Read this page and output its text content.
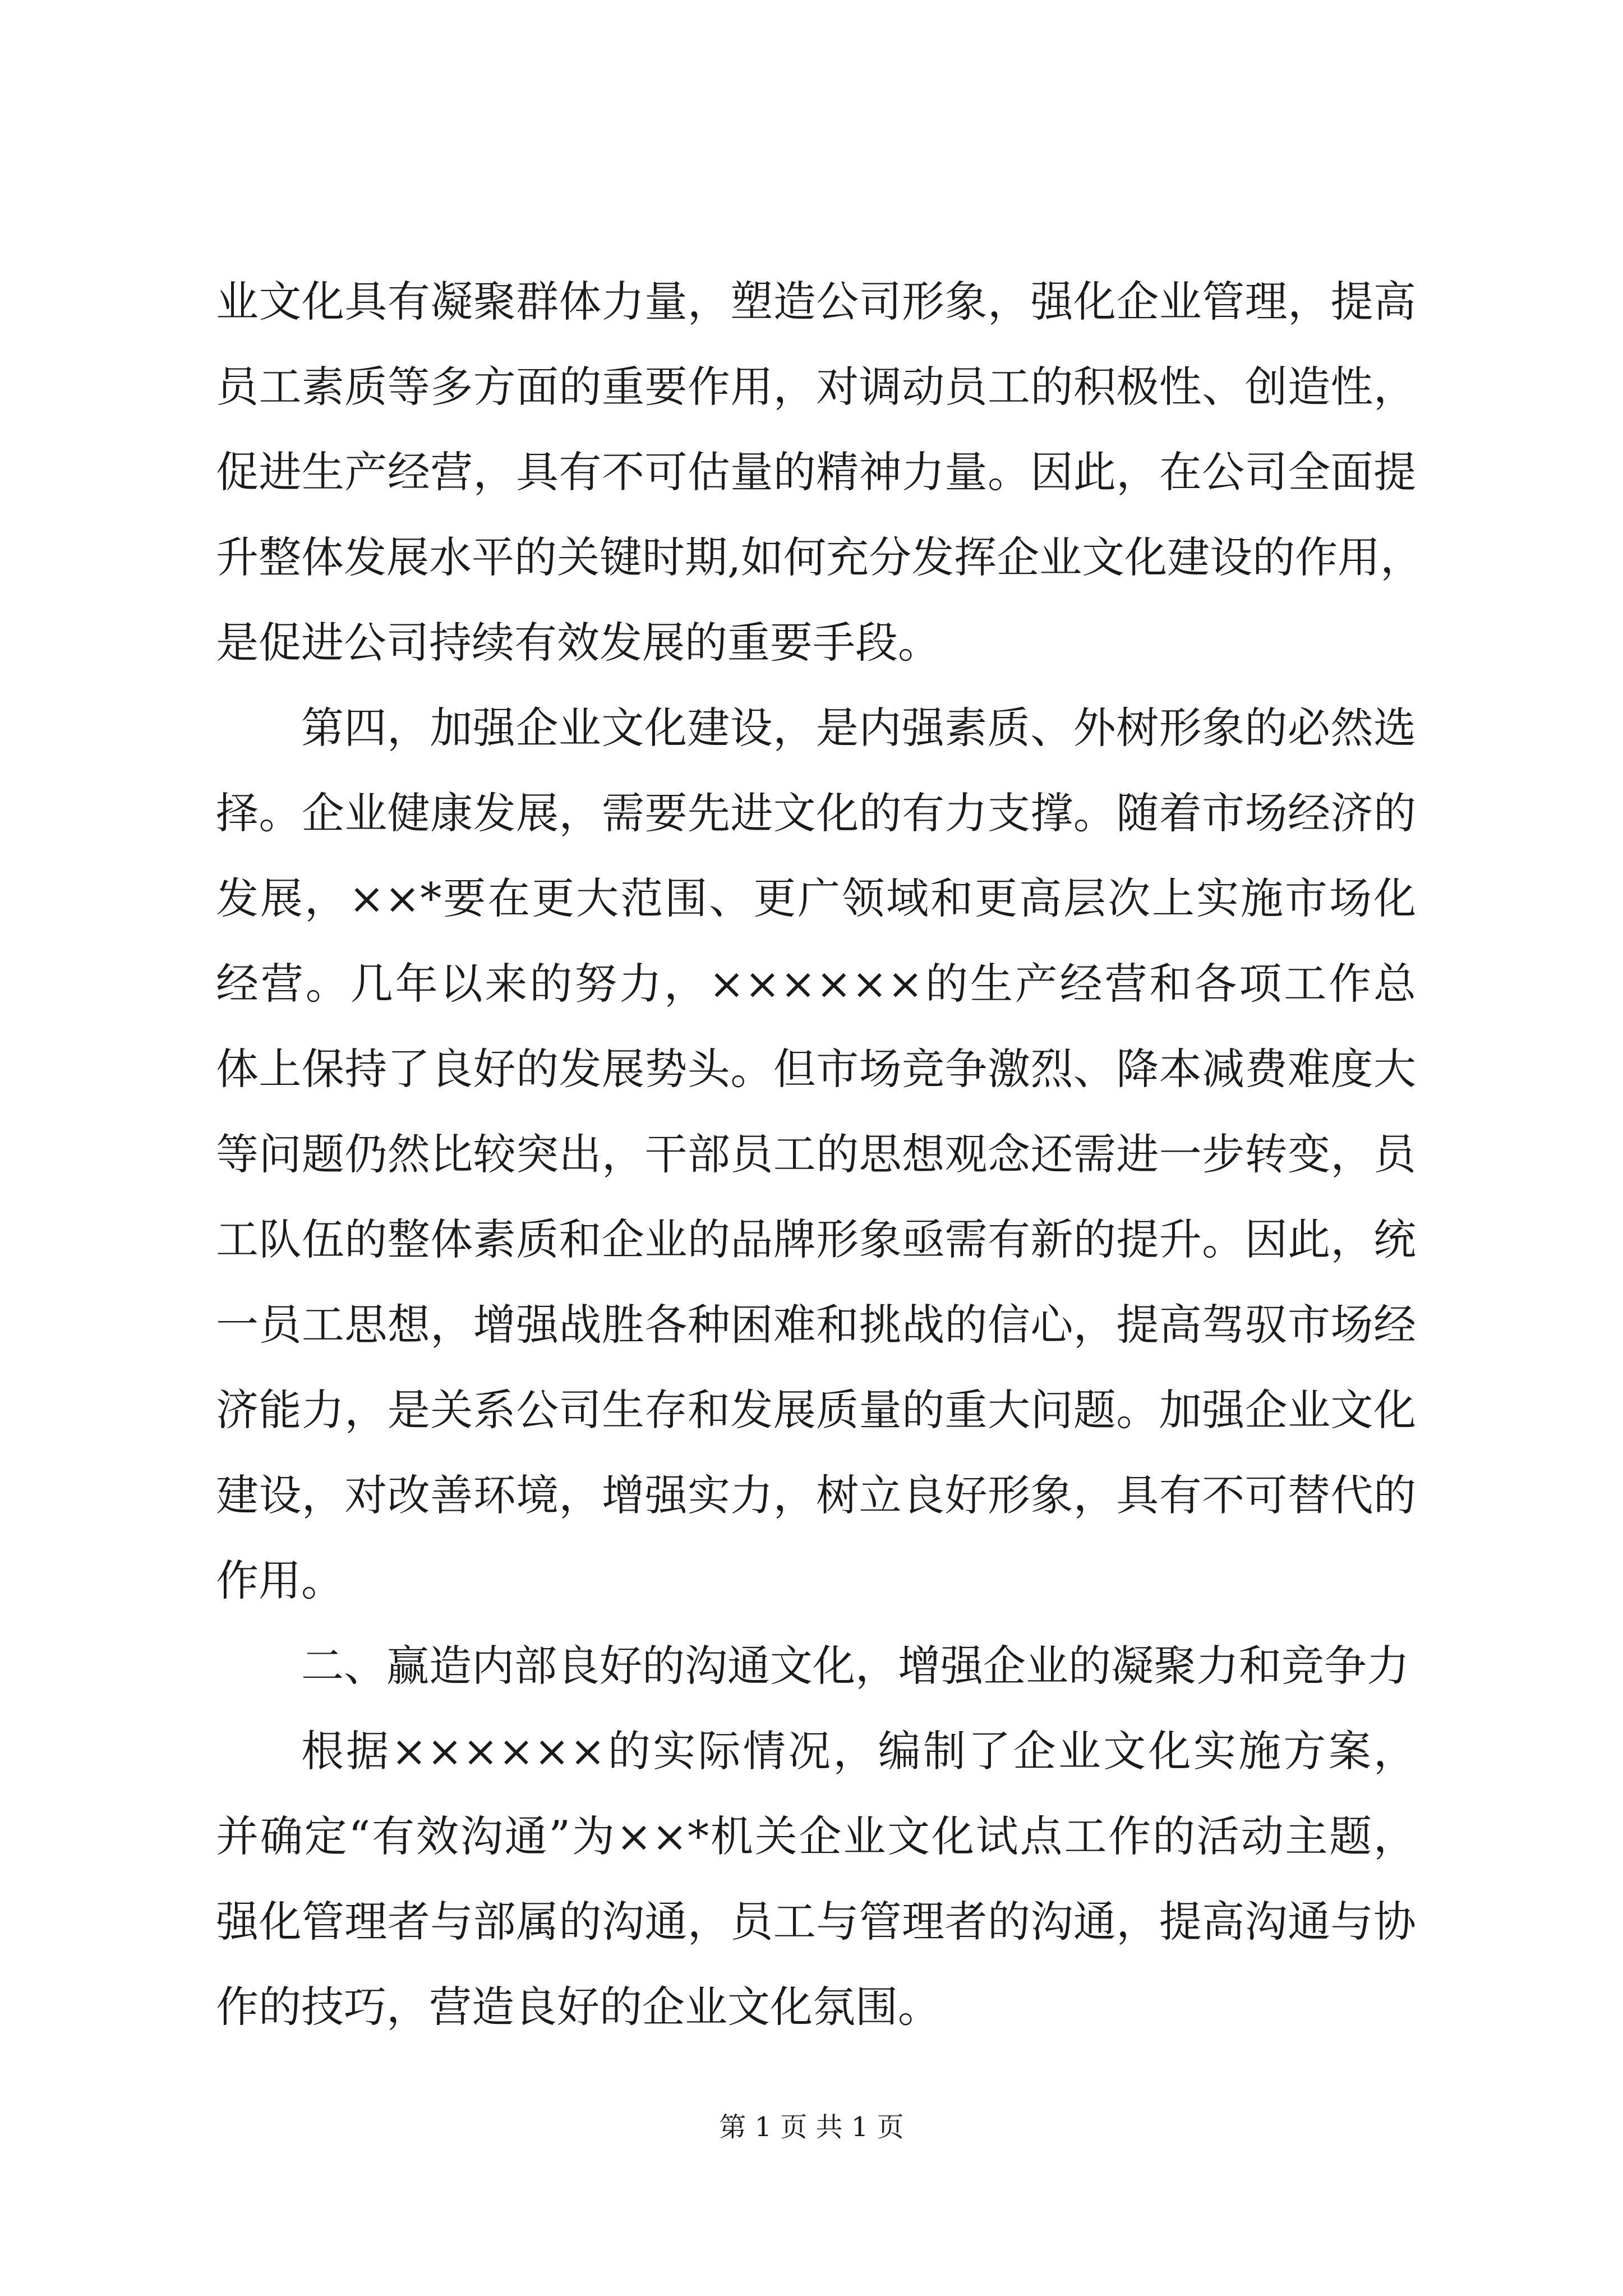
业文化具有凝聚群体力量，塑造公司形象，强化企业管理，提高
员工素质等多方面的重要作用，对调动员工的积极性、创造性，
促进生产经营，具有不可估量的精神力量。因此，在公司全面提
升整体发展水平的关键时期,如何充分发挥企业文化建设的作用，
是促进公司持续有效发展的重要手段。
第四，加强企业文化建设，是内强素质、外树形象的必然选
择。企业健康发展，需要先进文化的有力支撑。随着市场经济的
发展，××*要在更大范围、更广领域和更高层次上实施市场化
经营。几年以来的努力，××××××的生产经营和各项工作总
体上保持了良好的发展势头。但市场竞争激烈、降本减费难度大
等问题仍然比较突出，干部员工的思想观念还需进一步转变，员
工队伍的整体素质和企业的品牌形象亟需有新的提升。因此，统
一员工思想，增强战胜各种困难和挑战的信心，提高驾驭市场经
济能力，是关系公司生存和发展质量的重大问题。加强企业文化
建设，对改善环境，增强实力，树立良好形象，具有不可替代的
作用。
二、赢造内部良好的沟通文化，增强企业的凝聚力和竞争力
根据××××××的实际情况，编制了企业文化实施方案，
并确定“有效沟通”为××*机关企业文化试点工作的活动主题，
强化管理者与部属的沟通，员工与管理者的沟通，提高沟通与协
作的技巧，营造良好的企业文化氛围。
第 1 页 共 1 页
